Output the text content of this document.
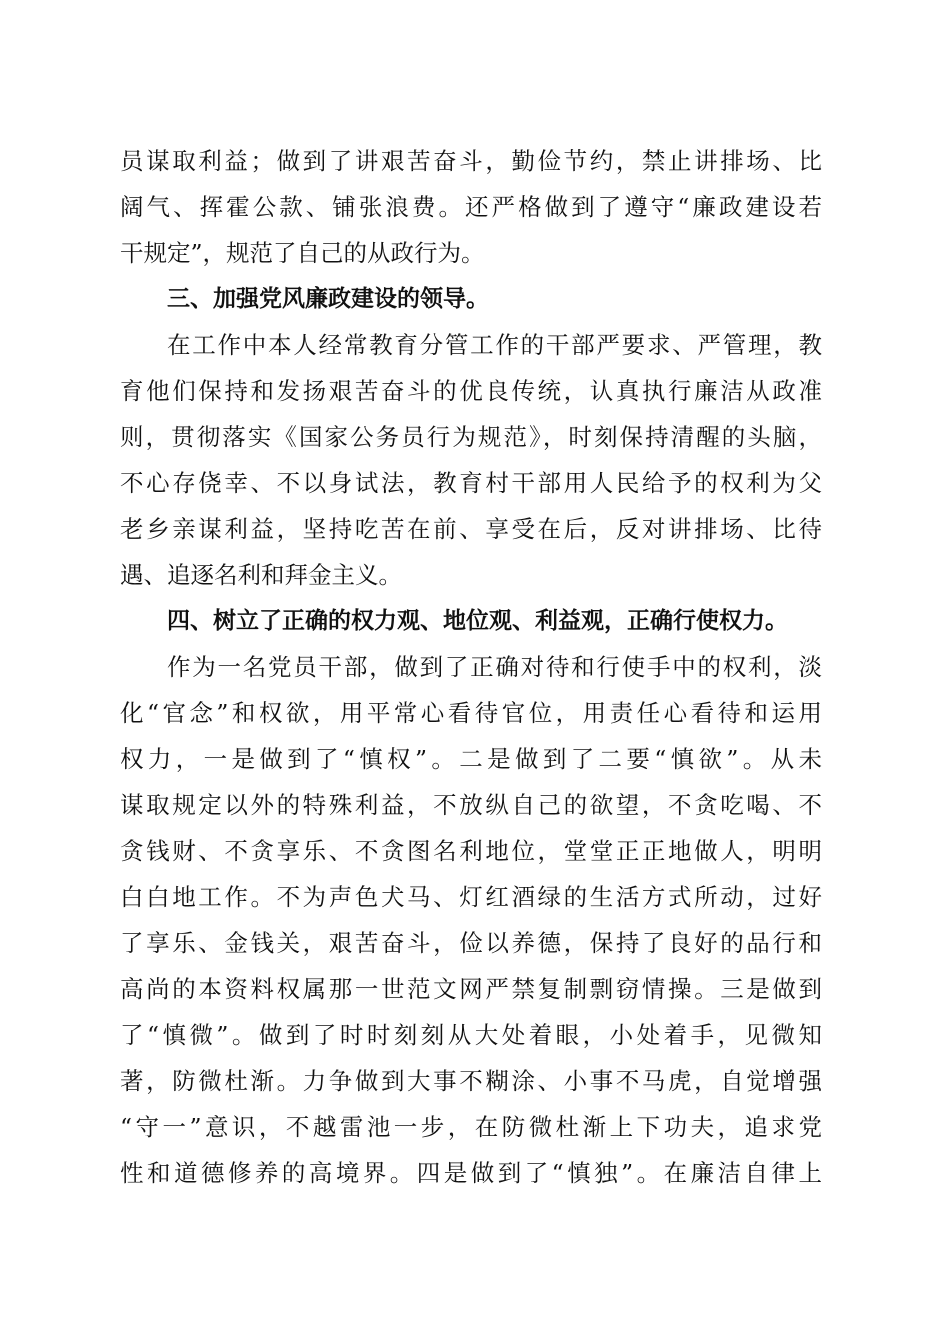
员谋取利益；做到了讲艰苦奋斗，勤俭节约，禁止讲排场、比
阔气、挥霍公款、铺张浪费。还严格做到了遵守“廉政建设若
干规定”，规范了自己的从政行为。
三、加强党风廉政建设的领导。
在工作中本人经常教育分管工作的干部严要求、严管理，教
育他们保持和发扬艰苦奋斗的优良传统，认真执行廉洁从政准
则，贯彻落实《国家公务员行为规范》，时刻保持清醒的头脑，
不心存侥幸、不以身试法，教育村干部用人民给予的权利为父
老乡亲谋利益，坚持吃苦在前、享受在后，反对讲排场、比待
遇、追逐名利和拜金主义。
四、树立了正确的权力观、地位观、利益观，正确行使权力。
作为一名党员干部，做到了正确对待和行使手中的权利，淡
化“官念”和权欲，用平常心看待官位，用责任心看待和运用
权力，一是做到了“慎权”。二是做到了二要“慎欲”。从未
谋取规定以外的特殊利益，不放纵自己的欲望，不贪吃喝、不
贪钱财、不贪享乐、不贪图名利地位，堂堂正正地做人，明明
白白地工作。不为声色犬马、灯红酒绿的生活方式所动，过好
了享乐、金钱关，艰苦奋斗，俭以养德，保持了良好的品行和
高尚的本资料权属那一世范文网严禁复制剽窃情操。三是做到
了“慎微”。做到了时时刻刻从大处着眼，小处着手，见微知
著，防微杜渐。力争做到大事不糊涂、小事不马虎，自觉增强
“守一”意识，不越雷池一步，在防微杜渐上下功夫，追求党
性和道德修养的高境界。四是做到了“慎独”。在廉洁自律上
